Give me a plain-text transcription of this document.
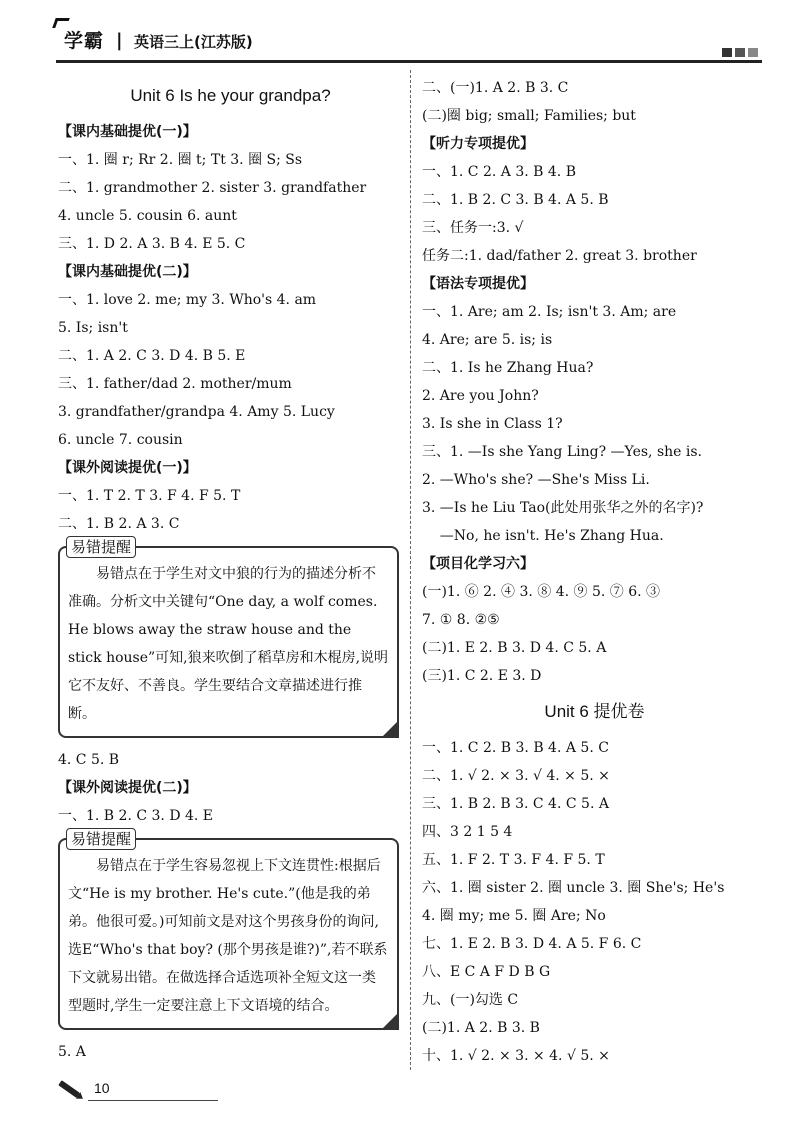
学霸 | 英语三上(江苏版)
Unit 6 Is he your grandpa?
【课内基础提优(一)】
一、1. 圈 r; Rr 2. 圈 t; Tt 3. 圈 S; Ss
二、1. grandmother 2. sister 3. grandfather
4. uncle 5. cousin 6. aunt
三、1. D 2. A 3. B 4. E 5. C
【课内基础提优(二)】
一、1. love 2. me; my 3. Who's 4. am
5. Is; isn't
二、1. A 2. C 3. D 4. B 5. E
三、1. father/dad 2. mother/mum
3. grandfather/grandpa 4. Amy 5. Lucy
6. uncle 7. cousin
【课外阅读提优(一)】
一、1. T 2. T 3. F 4. F 5. T
二、1. B 2. A 3. C
易错提醒
易错点在于学生对文中狼的行为的描述分析不准确。分析文中关键句“One day, a wolf comes. He blows away the straw house and the stick house”可知,狼来吹倒了稻草房和木棍房,说明它不友好、不善良。学生要结合文章描述进行推断。
4. C 5. B
【课外阅读提优(二)】
一、1. B 2. C 3. D 4. E
易错提醒
易错点在于学生容易忽视上下文连贯性:根据后文“He is my brother. He's cute.”(他是我的弟弟。他很可爱。)可知前文是对这个男孩身份的询问,选E“Who's that boy? (那个男孩是谁?)”,若不联系下文就易出错。在做选择合适选项补全短文这一类型题时,学生一定要注意上下文语境的结合。
5. A
二、(一)1. A 2. B 3. C
(二)圈 big; small; Families; but
【听力专项提优】
一、1. C 2. A 3. B 4. B
二、1. B 2. C 3. B 4. A 5. B
三、任务一:3. √
任务二:1. dad/father 2. great 3. brother
【语法专项提优】
一、1. Are; am 2. Is; isn't 3. Am; are
4. Are; are 5. is; is
二、1. Is he Zhang Hua?
2. Are you John?
3. Is she in Class 1?
三、1. —Is she Yang Ling? —Yes, she is.
2. —Who's she? —She's Miss Li.
3. —Is he Liu Tao(此处用张华之外的名字)?
—No, he isn't. He's Zhang Hua.
【项目化学习六】
(一)1. ⑥ 2. ④ 3. ⑧ 4. ⑨ 5. ⑦ 6. ③
7. ① 8. ②⑤
(二)1. E 2. B 3. D 4. C 5. A
(三)1. C 2. E 3. D
Unit 6 提优卷
一、1. C 2. B 3. B 4. A 5. C
二、1. √ 2. × 3. √ 4. × 5. ×
三、1. B 2. B 3. C 4. C 5. A
四、3 2 1 5 4
五、1. F 2. T 3. F 4. F 5. T
六、1. 圈 sister 2. 圈 uncle 3. 圈 She's; He's
4. 圈 my; me 5. 圈 Are; No
七、1. E 2. B 3. D 4. A 5. F 6. C
八、E C A F D B G
九、(一)勾选 C
(二)1. A 2. B 3. B
十、1. √ 2. × 3. × 4. √ 5. ×
10
